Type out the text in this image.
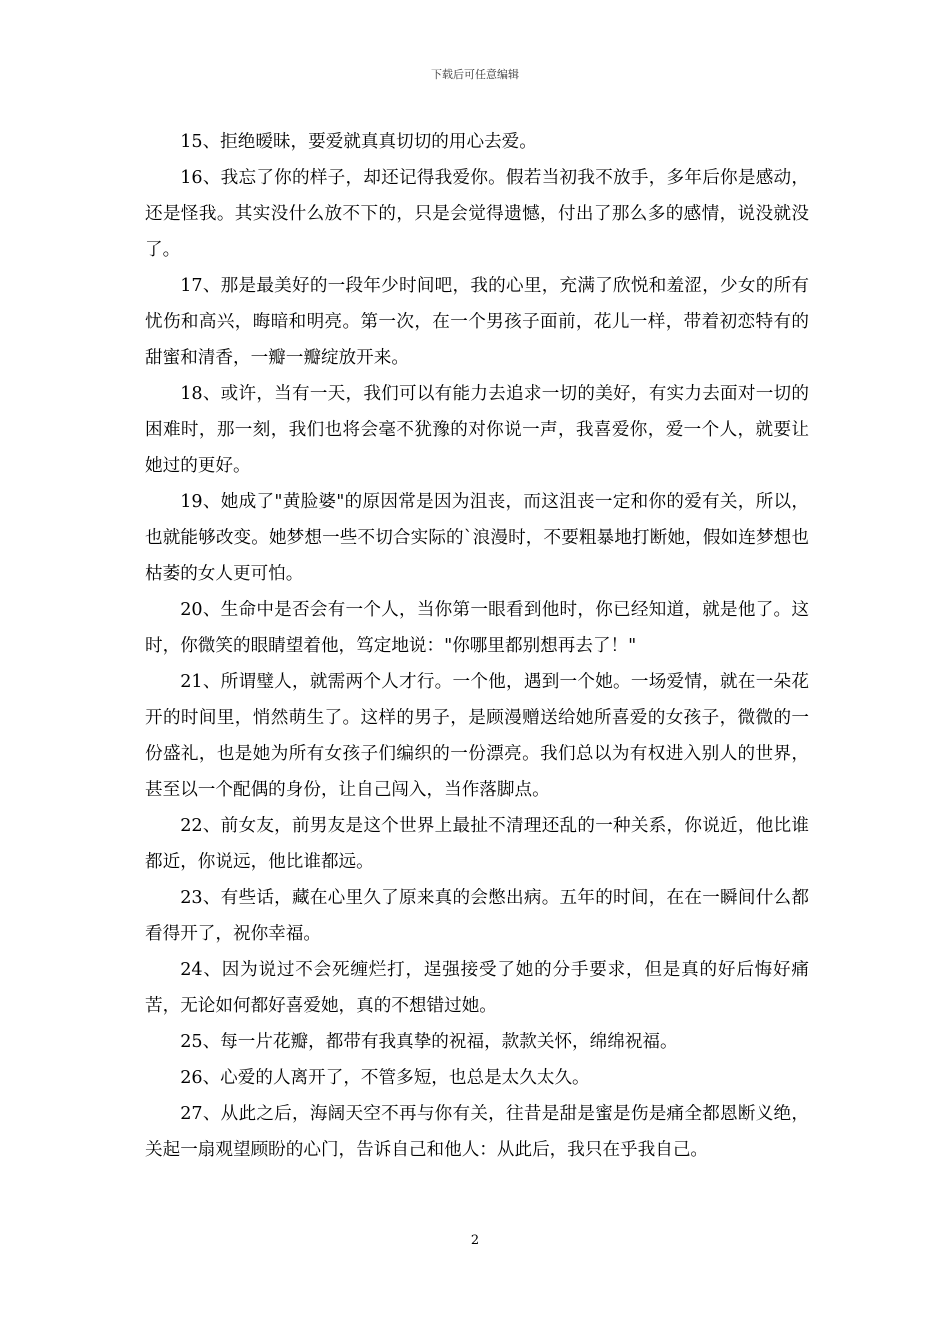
下载后可任意编辑

15、拒绝暧昧，要爱就真真切切的用心去爱。

16、我忘了你的样子，却还记得我爱你。假若当初我不放手，多年后你是感动，还是怪我。其实没什么放不下的，只是会觉得遗憾，付出了那么多的感情，说没就没了。

17、那是最美好的一段年少时间吧，我的心里，充满了欣悦和羞涩，少女的所有忧伤和高兴，晦暗和明亮。第一次，在一个男孩子面前，花儿一样，带着初恋特有的甜蜜和清香，一瓣一瓣绽放开来。

18、或许，当有一天，我们可以有能力去追求一切的美好，有实力去面对一切的困难时，那一刻，我们也将会毫不犹豫的对你说一声，我喜爱你，爱一个人，就要让她过的更好。

19、她成了"黄脸婆"的原因常是因为沮丧，而这沮丧一定和你的爱有关，所以，也就能够改变。她梦想一些不切合实际的`浪漫时，不要粗暴地打断她，假如连梦想也枯萎的女人更可怕。

20、生命中是否会有一个人，当你第一眼看到他时，你已经知道，就是他了。这时，你微笑的眼睛望着他，笃定地说："你哪里都别想再去了！"

21、所谓璧人，就需两个人才行。一个他，遇到一个她。一场爱情，就在一朵花开的时间里，悄然萌生了。这样的男子，是顾漫赠送给她所喜爱的女孩子，微微的一份盛礼，也是她为所有女孩子们编织的一份漂亮。我们总以为有权进入别人的世界，甚至以一个配偶的身份，让自己闯入，当作落脚点。

22、前女友，前男友是这个世界上最扯不清理还乱的一种关系，你说近，他比谁都近，你说远，他比谁都远。

23、有些话，藏在心里久了原来真的会憋出病。五年的时间，在在一瞬间什么都看得开了，祝你幸福。

24、因为说过不会死缠烂打，逞强接受了她的分手要求，但是真的好后悔好痛苦，无论如何都好喜爱她，真的不想错过她。

25、每一片花瓣，都带有我真挚的祝福，款款关怀，绵绵祝福。

26、心爱的人离开了，不管多短，也总是太久太久。

27、从此之后，海阔天空不再与你有关，往昔是甜是蜜是伤是痛全都恩断义绝，关起一扇观望顾盼的心门，告诉自己和他人：从此后，我只在乎我自己。

2
